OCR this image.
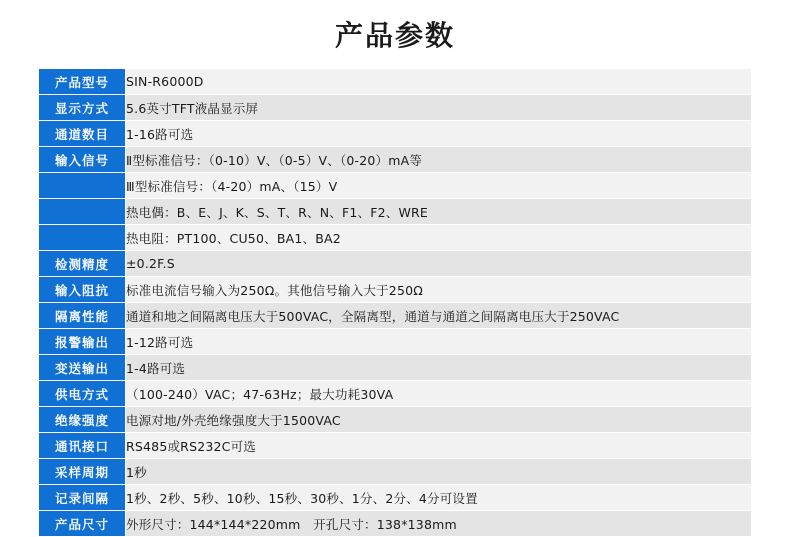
产品参数
产品型号	SIN-R6000D
显示方式	5.6英寸TFT液晶显示屏
通道数目	1-16路可选
输入信号	Ⅱ型标准信号：（0-10）V、（0-5）V、（0-20）mA等
	Ⅲ型标准信号：（4-20）mA、（15）V
	热电偶：B、E、J、K、S、T、R、N、F1、F2、WRE
	热电阻：PT100、CU50、BA1、BA2
检测精度	±0.2F.S
输入阻抗	标准电流信号输入为250Ω。其他信号输入大于250Ω
隔离性能	通道和地之间隔离电压大于500VAC，全隔离型，通道与通道之间隔离电压大于250VAC
报警输出	1-12路可选
变送输出	1-4路可选
供电方式	（100-240）VAC；47-63Hz；最大功耗30VA
绝缘强度	电源对地/外壳绝缘强度大于1500VAC
通讯接口	RS485或RS232C可选
采样周期	1秒
记录间隔	1秒、2秒、5秒、10秒、15秒、30秒、1分、2分、4分可设置
产品尺寸	外形尺寸：144*144*220mm　开孔尺寸：138*138mm
